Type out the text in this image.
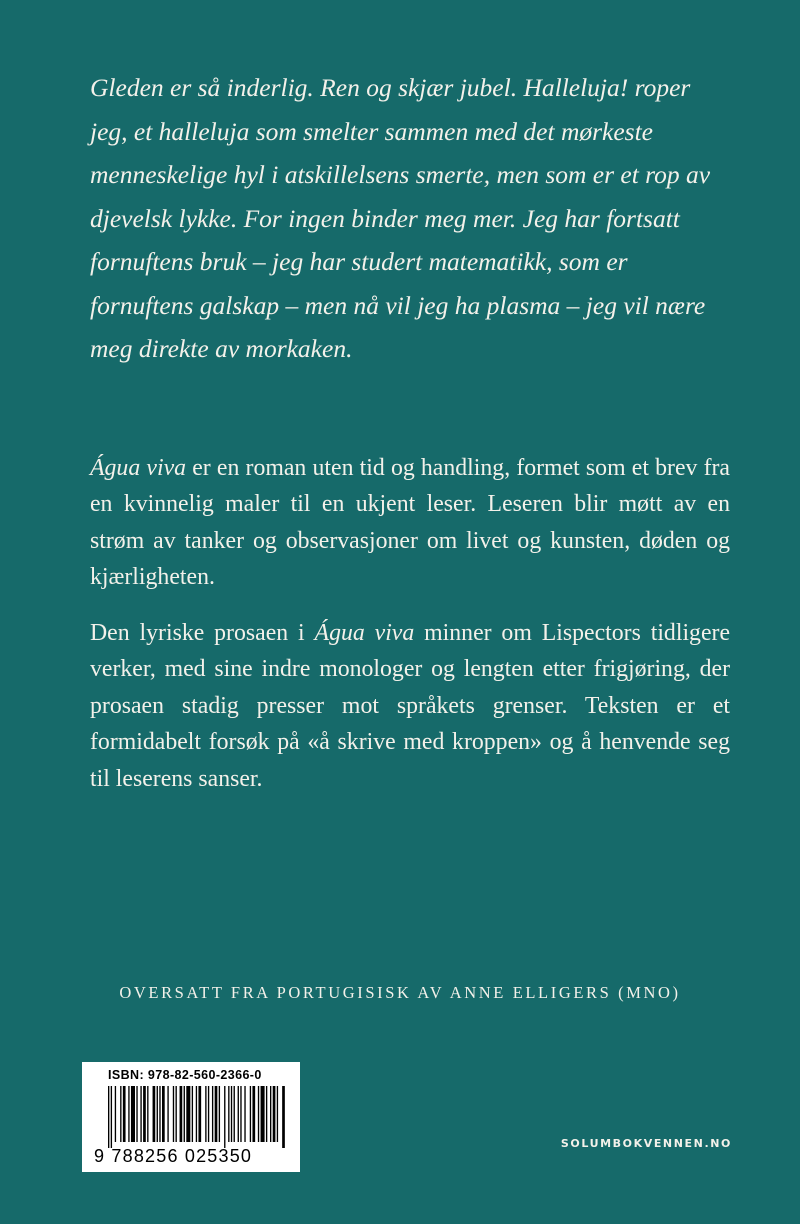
Gleden er så inderlig. Ren og skjær jubel. Halleluja! roper
jeg, et halleluja som smelter sammen med det mørkeste
menneskelige hyl i atskillelsens smerte, men som er et rop av
djevelsk lykke. For ingen binder meg mer. Jeg har fortsatt
fornuftens bruk – jeg har studert matematikk, som er
fornuftens galskap – men nå vil jeg ha plasma – jeg vil nære
meg direkte av morkaken.

Água viva er en roman uten tid og handling, formet som et brev fra en kvinnelig maler til en ukjent leser. Leseren blir møtt av en strøm av tanker og observasjoner om livet og kunsten, døden og kjærligheten.

Den lyriske prosaen i Água viva minner om Lispectors tidligere verker, med sine indre monologer og lengten etter frigjøring, der prosaen stadig presser mot språkets grenser. Teksten er et formidabelt forsøk på «å skrive med kroppen» og å henvende seg til leserens sanser.

OVERSATT FRA PORTUGISISK AV ANNE ELLIGERS (MNO)
ISBN: 978-82-560-2366-0
9 788256 025350
SOLUMBOKVENNEN.NO
